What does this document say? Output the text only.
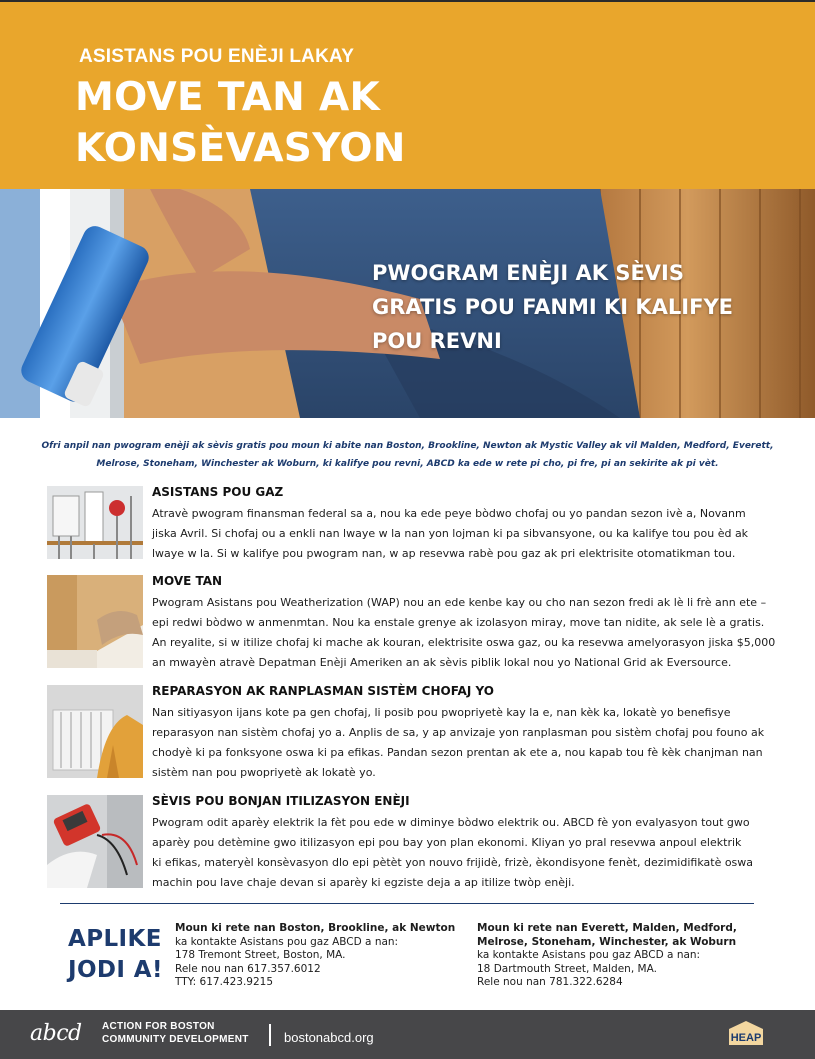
ASISTANS POU ENÈJI LAKAY
MOVE TAN AK
KONSÈVASYON
PWOGRAM ENÈJI AK SÈVIS
GRATIS POU FANMI KI KALIFYE
POU REVNI
Ofri anpil nan pwogram enèji ak sèvis gratis pou moun ki abite nan Boston, Brookline, Newton ak Mystic Valley ak vil Malden, Medford, Everett,
Melrose, Stoneham, Winchester ak Woburn, ki kalifye pou revni, ABCD ka ede w rete pi cho, pi fre, pi an sekirite ak pi vèt.
ASISTANS POU GAZ
Atravè pwogram finansman federal sa a, nou ka ede peye bòdwo chofaj ou yo pandan sezon ivè a, Novanm
jiska Avril. Si chofaj ou a enkli nan lwaye w la nan yon lojman ki pa sibvansyone, ou ka kalifye tou pou èd ak
lwaye w la. Si w kalifye pou pwogram nan, w ap resevwa rabè pou gaz ak pri elektrisite otomatikman tou.
MOVE TAN
Pwogram Asistans pou Weatherization (WAP) nou an ede kenbe kay ou cho nan sezon fredi ak lè li frè ann ete –
epi redwi bòdwo w anmenmtan. Nou ka enstale grenye ak izolasyon miray, move tan nidite, ak sele lè a gratis.
An reyalite, si w itilize chofaj ki mache ak kouran, elektrisite oswa gaz, ou ka resevwa amelyorasyon jiska $5,000
an mwayèn atravè Depatman Enèji Ameriken an ak sèvis piblik lokal nou yo National Grid ak Eversource.
REPARASYON AK RANPLASMAN SISTÈM CHOFAJ YO
Nan sitiyasyon ijans kote pa gen chofaj, li posib pou pwopriyetè kay la e, nan kèk ka, lokatè yo benefisye
reparasyon nan sistèm chofaj yo a. Anplis de sa, y ap anvizaje yon ranplasman pou sistèm chofaj pou founo ak
chodyè ki pa fonksyone oswa ki pa efikas. Pandan sezon prentan ak ete a, nou kapab tou fè kèk chanjman nan
sistèm nan pou pwopriyetè ak lokatè yo.
SÈVIS POU BONJAN ITILIZASYON ENÈJI
Pwogram odit aparèy elektrik la fèt pou ede w diminye bòdwo elektrik ou. ABCD fè yon evalyasyon tout gwo
aparèy pou detèmine gwo itilizasyon epi pou bay yon plan ekonomi. Kliyan yo pral resevwa anpoul elektrik
ki efikas, materyèl konsèvasyon dlo epi pètèt yon nouvo frijidè, frizè, èkondisyone fenèt, dezimidifikatè oswa
machin pou lave chaje devan si aparèy ki egziste deja a ap itilize twòp enèji.
APLIKE
JODI A!
Moun ki rete nan Boston, Brookline, ak Newton
ka kontakte Asistans pou gaz ABCD a nan:
178 Tremont Street, Boston, MA.
Rele nou nan 617.357.6012
TTY: 617.423.9215
Moun ki rete nan Everett, Malden, Medford,
Melrose, Stoneham, Winchester, ak Woburn
ka kontakte Asistans pou gaz ABCD a nan:
18 Dartmouth Street, Malden, MA.
Rele nou nan 781.322.6284
abcd ACTION FOR BOSTON
COMMUNITY DEVELOPMENT	bostonabcd.org	HEAP
